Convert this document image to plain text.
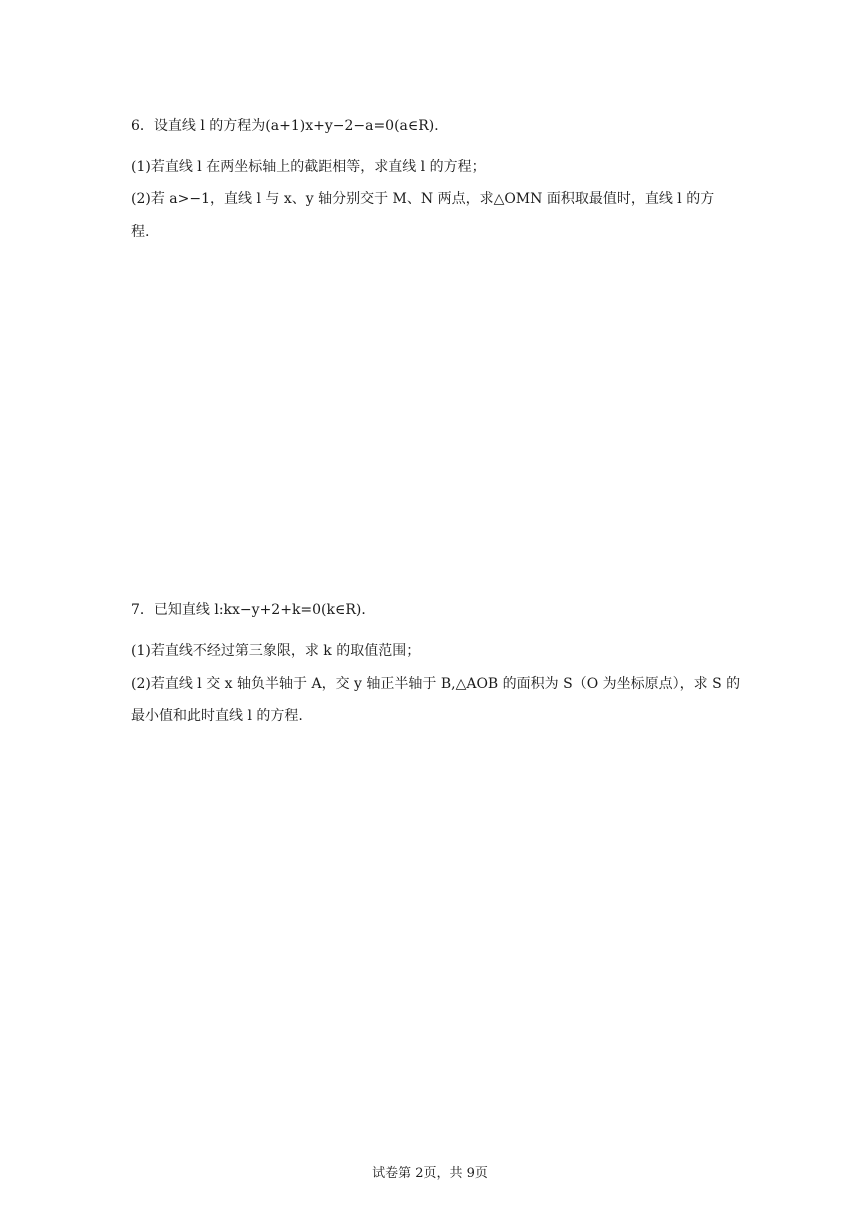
6．设直线 l 的方程为(a+1)x+y−2−a=0(a∈R)．
(1)若直线 l 在两坐标轴上的截距相等，求直线 l 的方程；
(2)若 a>−1，直线 l 与 x、y 轴分别交于 M、N 两点，求△OMN 面积取最值时，直线 l 的方
程.
7．已知直线 l:kx−y+2+k=0(k∈R)．
(1)若直线不经过第三象限，求 k 的取值范围；
(2)若直线 l 交 x 轴负半轴于 A，交 y 轴正半轴于 B,△AOB 的面积为 S（O 为坐标原点），求 S 的
最小值和此时直线 l 的方程.
试卷第 2页，共 9页
